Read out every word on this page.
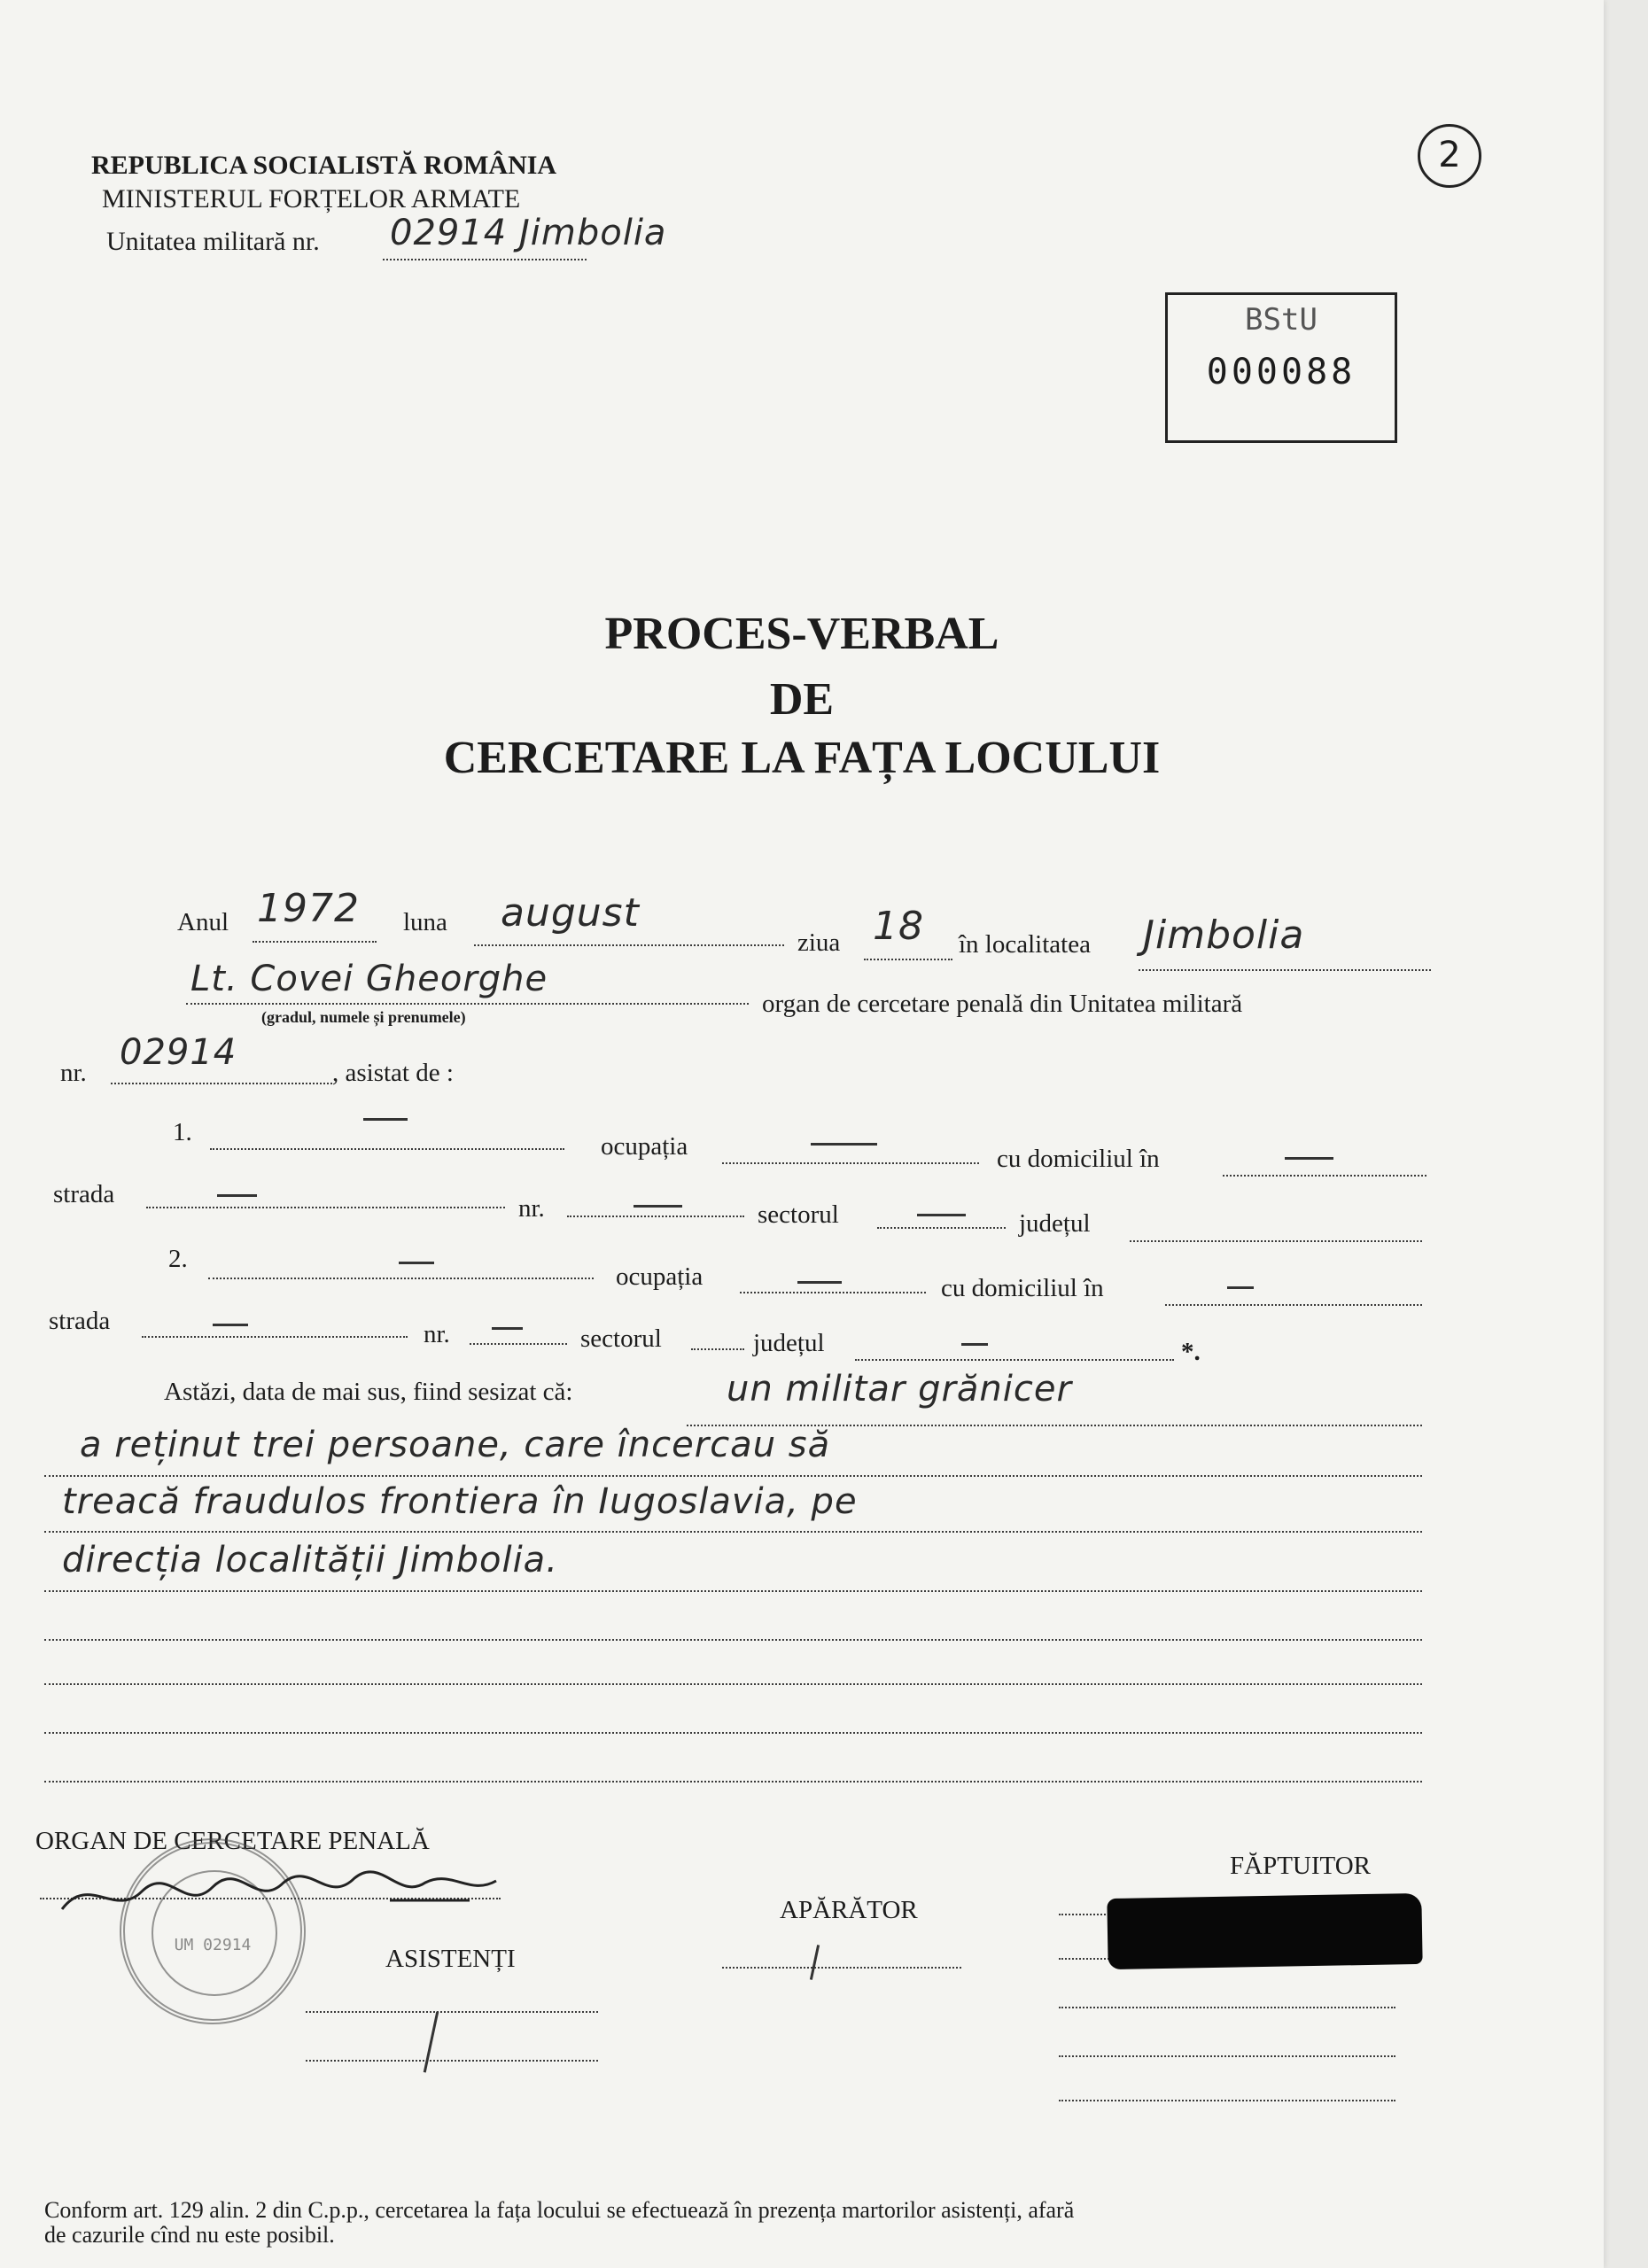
REPUBLICA SOCIALISTĂ ROMÂNIA
MINISTERUL FORȚELOR ARMATE
Unitatea militară nr. 02914 Jimbolia
2
BStU
000088
PROCES-VERBAL
DE
CERCETARE LA FAȚA LOCULUI
Anul 1972 luna august
ziua 18 în localitatea Jimbolia
Lt. Covei Gheorghe
(gradul, numele și prenumele)	organ de cercetare penală din Unitatea militară
nr. 02914	, asistat de :
1.	ocupația	cu domiciliul în
strada	nr.	sectorul	județul
2.
ocupația	cu domiciliul în
strada	nr.	sectorul	județul	*.
Astăzi, data de mai sus, fiind sesizat că:	un militar grănicer
a reținut trei persoane, care încercau să
treacă fraudulos frontiera în Iugoslavia, pe
direcția localității Jimbolia.
ORGAN DE CERCETARE PENALĂ
UM 02914	ASISTENȚI
APĂRĂTOR
FĂPTUITOR
Conform art. 129 alin. 2 din C.p.p., cercetarea la fața locului se efectuează în prezența martorilor asistenți, afară
de cazurile cînd nu este posibil.
